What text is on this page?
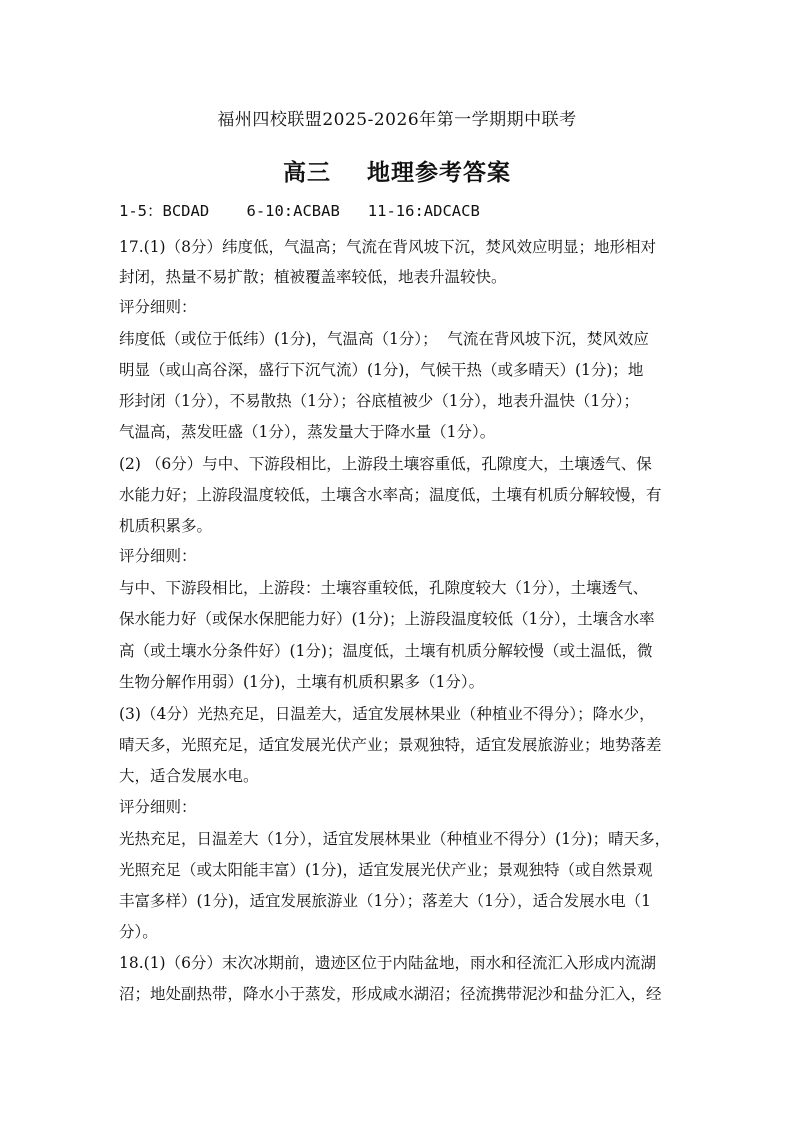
福州四校联盟2025-2026年第一学期期中联考
高三    地理参考答案
1-5：BCDAD    6-10:ACBAB   11-16:ADCACB
17.(1)（8分）纬度低，气温高；气流在背风坡下沉，焚风效应明显；地形相对
封闭，热量不易扩散；植被覆盖率较低，地表升温较快。
评分细则：
纬度低（或位于低纬）(1分)，气温高（1分）；  气流在背风坡下沉，焚风效应
明显（或山高谷深，盛行下沉气流）(1分)，气候干热（或多晴天）(1分)；地
形封闭（1分），不易散热（1分）；谷底植被少（1分），地表升温快（1分）；
气温高，蒸发旺盛（1分），蒸发量大于降水量（1分）。
(2) （6分）与中、下游段相比，上游段土壤容重低，孔隙度大，土壤透气、保
水能力好；上游段温度较低，土壤含水率高；温度低，土壤有机质分解较慢，有
机质积累多。
评分细则：
与中、下游段相比，上游段：土壤容重较低，孔隙度较大（1分），土壤透气、
保水能力好（或保水保肥能力好）(1分)；上游段温度较低（1分），土壤含水率
高（或土壤水分条件好）(1分)；温度低，土壤有机质分解较慢（或土温低，微
生物分解作用弱）(1分)，土壤有机质积累多（1分）。
(3)（4分）光热充足，日温差大，适宜发展林果业（种植业不得分）；降水少，
晴天多，光照充足，适宜发展光伏产业；景观独特，适宜发展旅游业；地势落差
大，适合发展水电。
评分细则：
光热充足，日温差大（1分），适宜发展林果业（种植业不得分）(1分)；晴天多，
光照充足（或太阳能丰富）(1分)，适宜发展光伏产业；景观独特（或自然景观
丰富多样）(1分)，适宜发展旅游业（1分）；落差大（1分），适合发展水电（1
分）。
18.(1)（6分）末次冰期前，遗迹区位于内陆盆地，雨水和径流汇入形成内流湖
沼；地处副热带，降水小于蒸发，形成咸水湖沼；径流携带泥沙和盐分汇入，经
